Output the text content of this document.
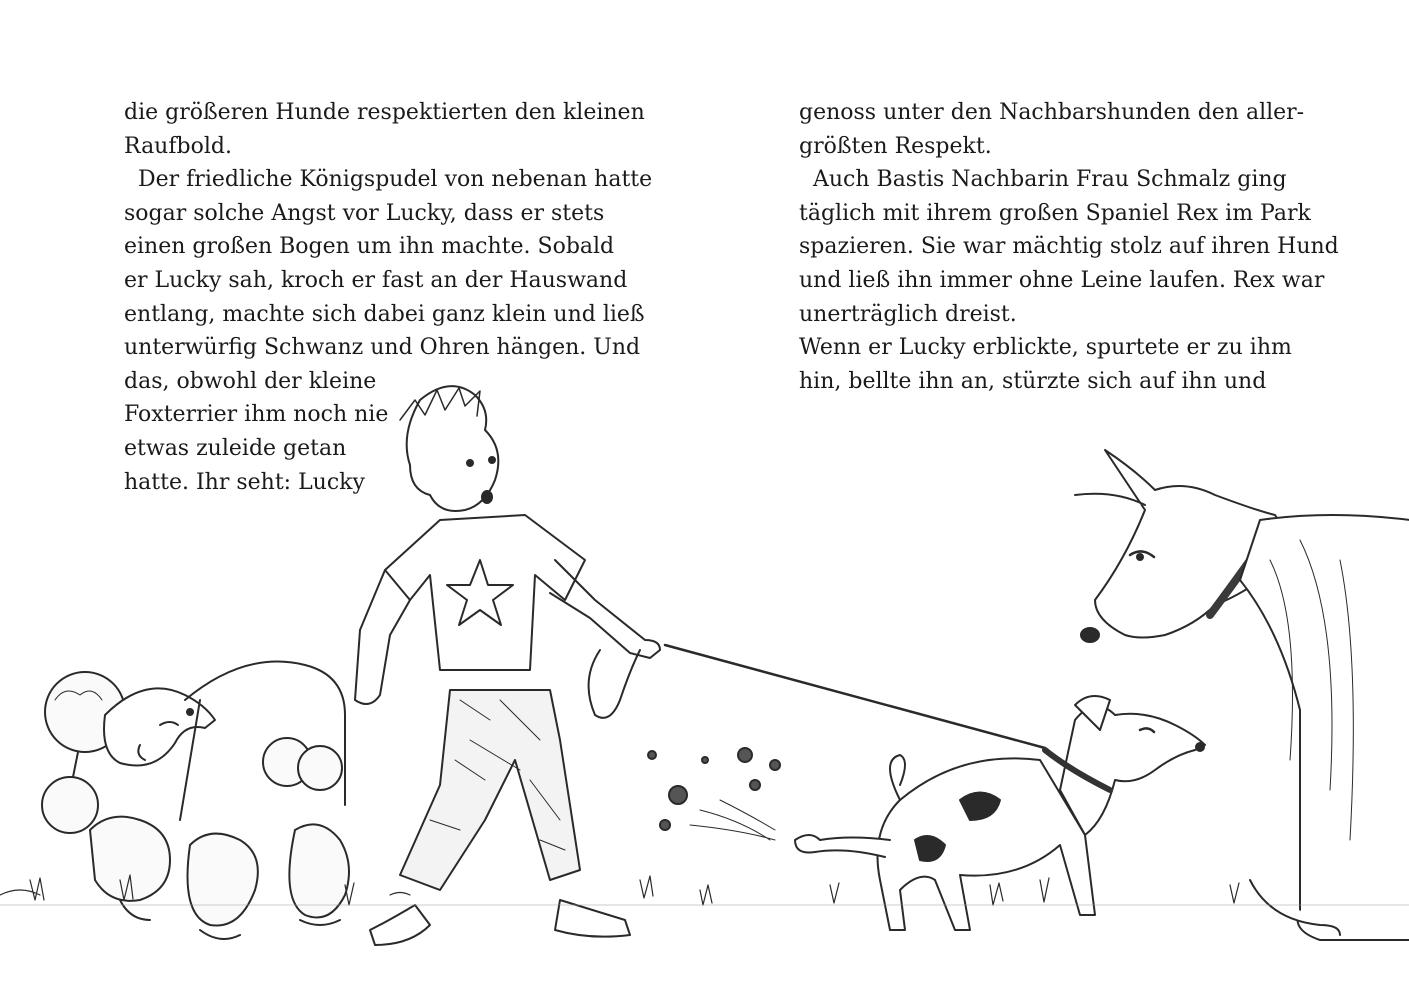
die größeren Hunde respektierten den kleinen
Raufbold.
Der friedliche Königspudel von nebenan hatte
sogar solche Angst vor Lucky, dass er stets
einen großen Bogen um ihn machte. Sobald
er Lucky sah, kroch er fast an der Hauswand
entlang, machte sich dabei ganz klein und ließ
unterwürfig Schwanz und Ohren hängen. Und
das, obwohl der kleine
Foxterrier ihm noch nie
etwas zuleide getan
hatte. Ihr seht: Lucky
genoss unter den Nachbarshunden den aller-
größten Respekt.
Auch Bastis Nachbarin Frau Schmalz ging
täglich mit ihrem großen Spaniel Rex im Park
spazieren. Sie war mächtig stolz auf ihren Hund
und ließ ihn immer ohne Leine laufen. Rex war
unerträglich dreist.
Wenn er Lucky erblickte, spurtete er zu ihm
hin, bellte ihn an, stürzte sich auf ihn und
